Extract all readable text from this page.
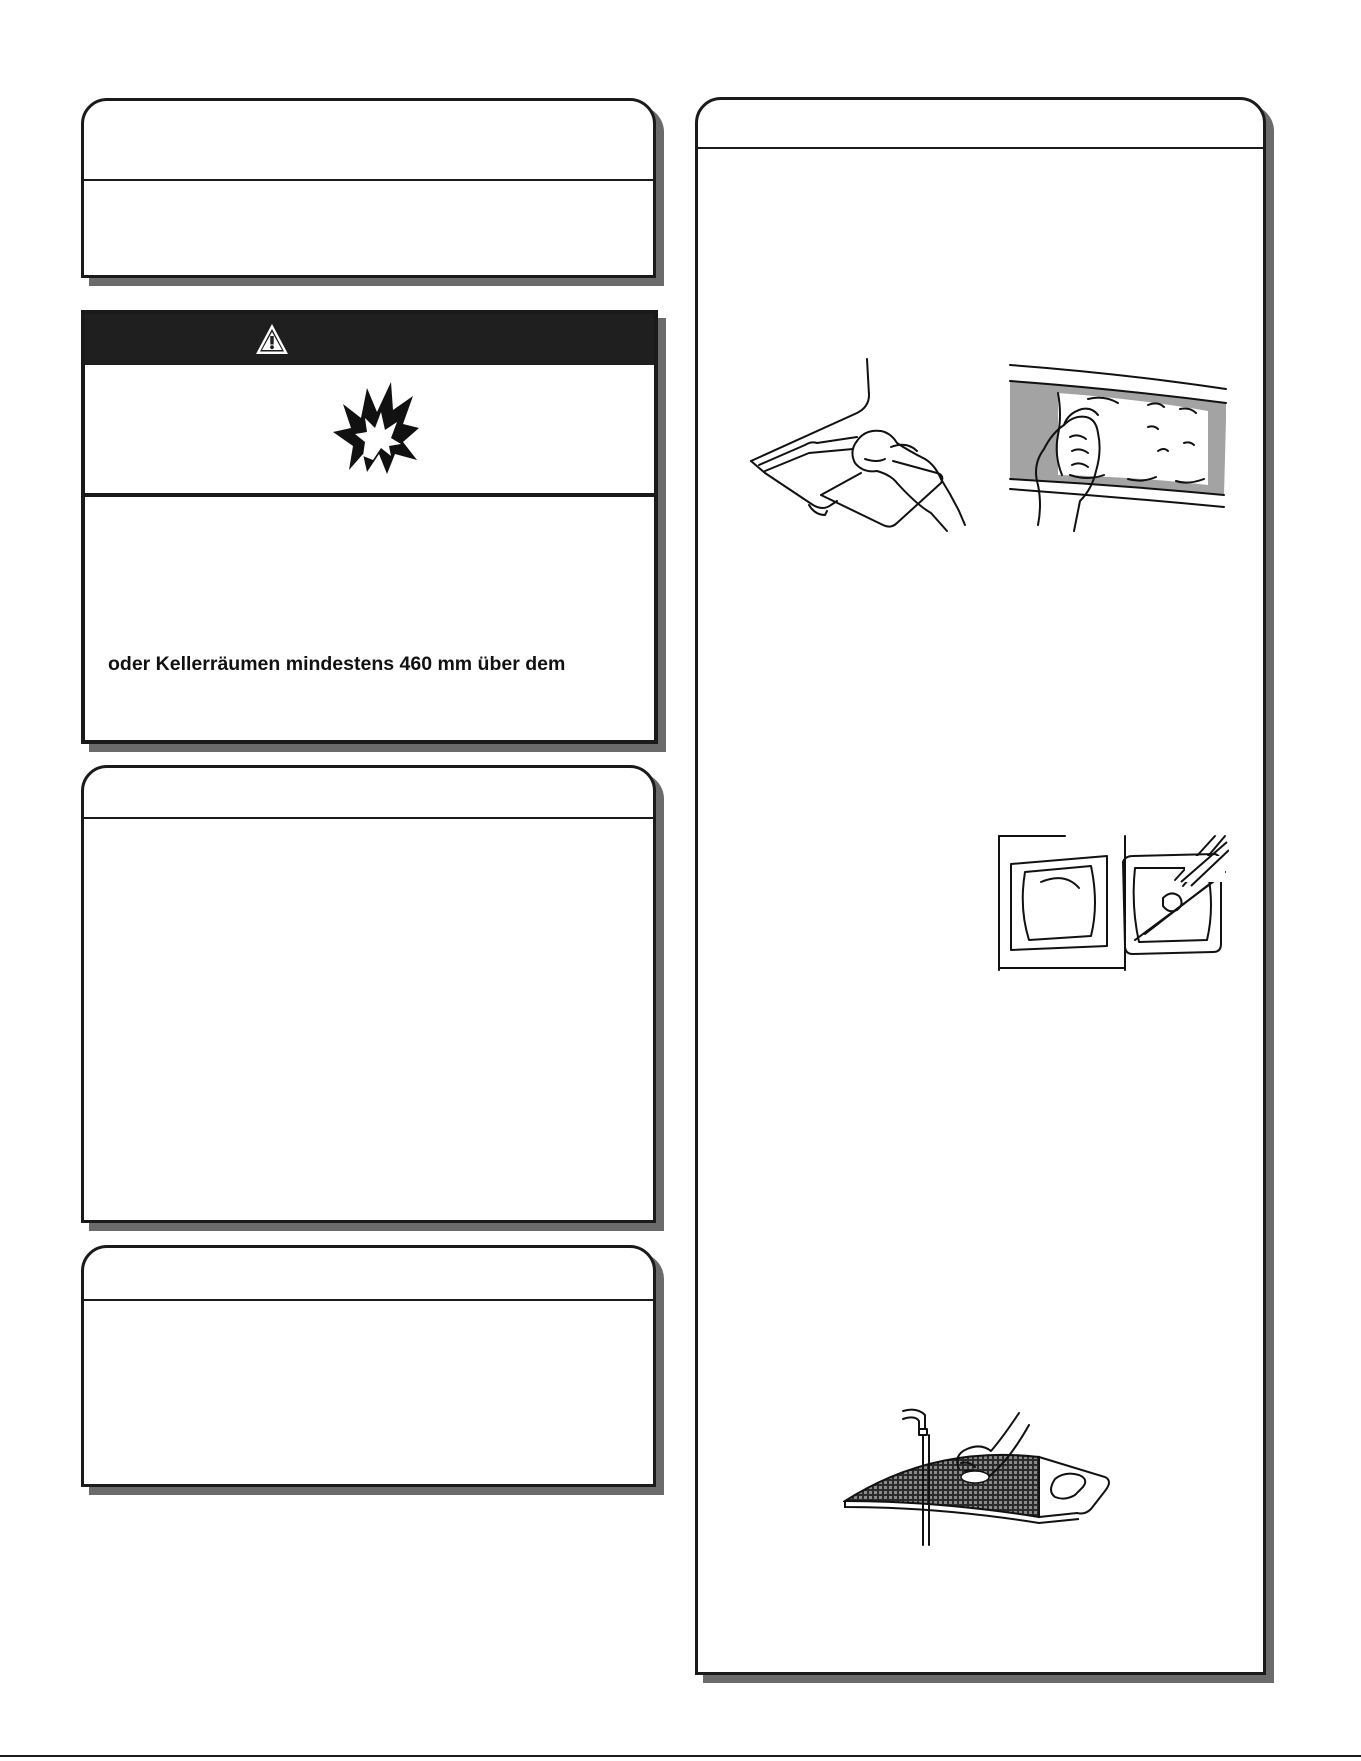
oder Kellerräumen mindestens 460 mm über dem
